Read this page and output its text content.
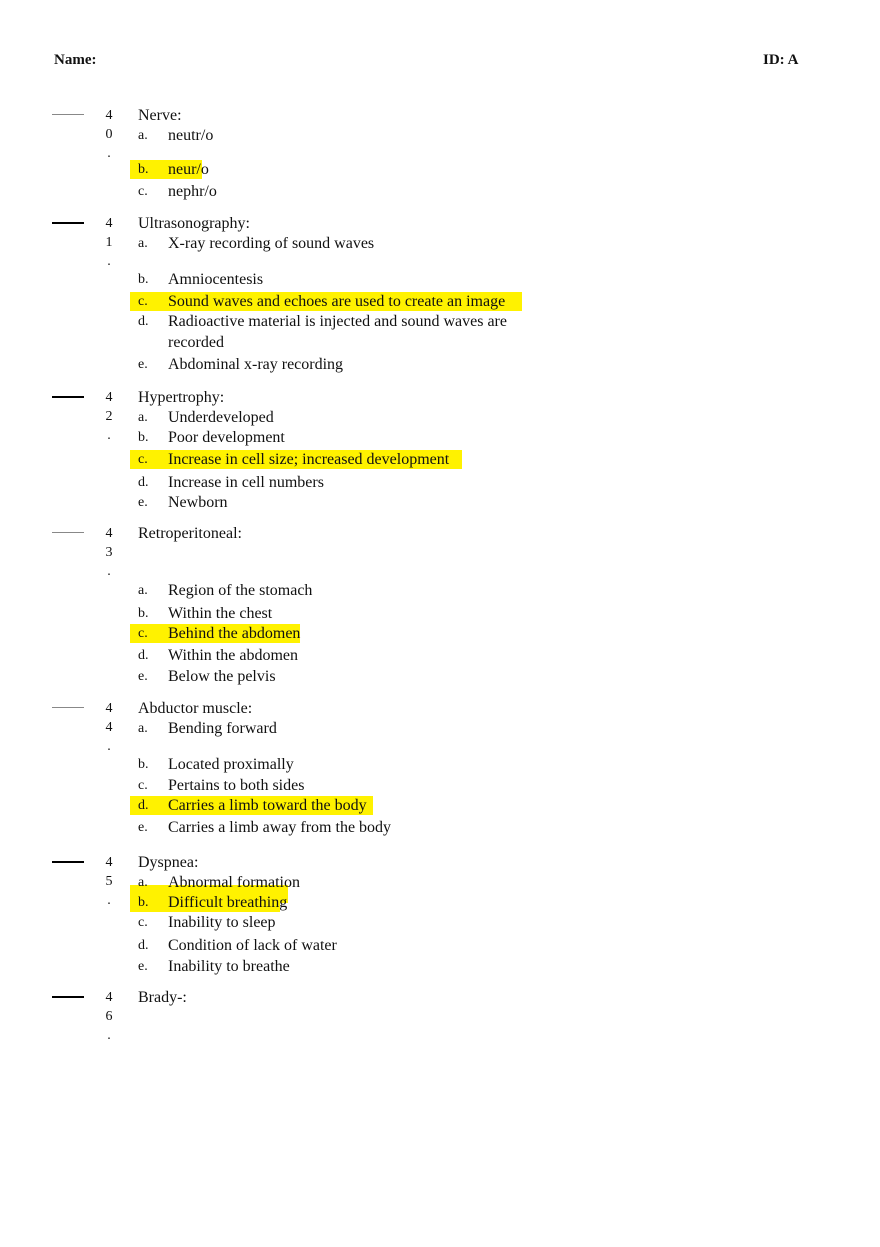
Name:	ID: A
4
0
.
Nerve:
a. neutr/o
b. neur/o
c. nephr/o
4
1
.
Ultrasonography:
a. X-ray recording of sound waves
b. Amniocentesis
c. Sound waves and echoes are used to create an image
d. Radioactive material is injected and sound waves are
recorded
e. Abdominal x-ray recording
4
2
.
Hypertrophy:
a. Underdeveloped
b. Poor development
c. Increase in cell size; increased development
d. Increase in cell numbers
e. Newborn
4
3
.
Retroperitoneal:
a. Region of the stomach
b. Within the chest
c. Behind the abdomen
d. Within the abdomen
e. Below the pelvis
4
4
.
Abductor muscle:
a. Bending forward
b. Located proximally
c. Pertains to both sides
d. Carries a limb toward the body
e. Carries a limb away from the body
4
5
.
Dyspnea:
a. Abnormal formation
b. Difficult breathing
c. Inability to sleep
d. Condition of lack of water
e. Inability to breathe
4
6
.
Brady-:
